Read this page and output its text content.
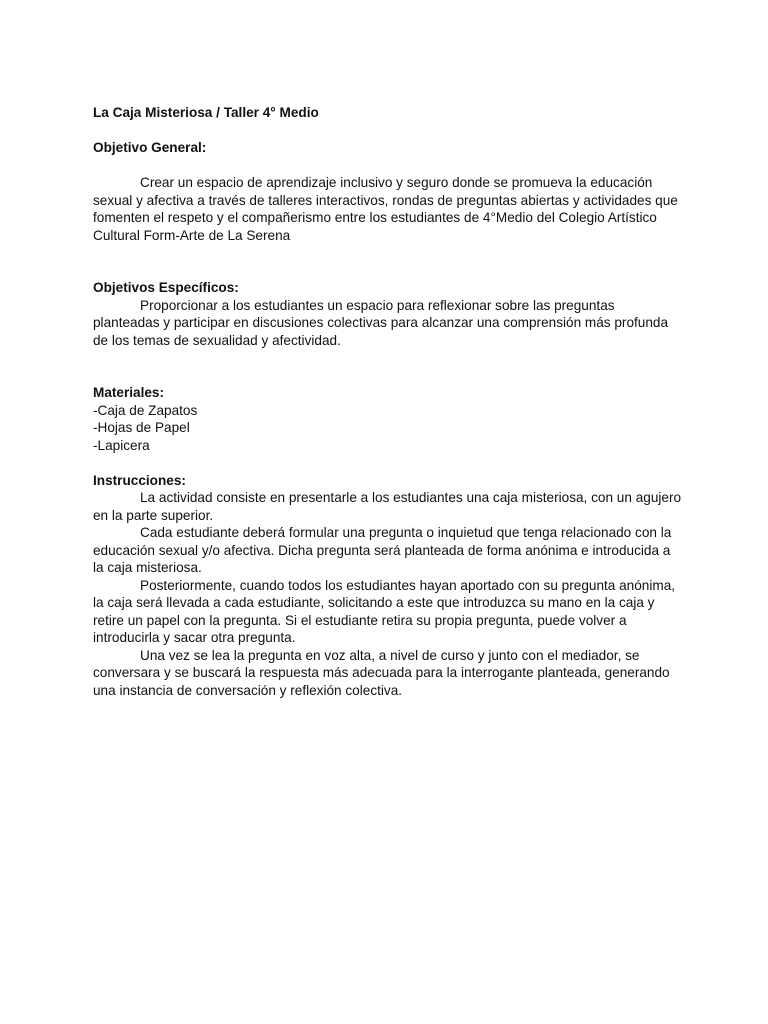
La Caja Misteriosa / Taller 4° Medio

Objetivo General:

Crear un espacio de aprendizaje inclusivo y seguro donde se promueva la educación sexual y afectiva a través de talleres interactivos, rondas de preguntas abiertas y actividades que fomenten el respeto y el compañerismo entre los estudiantes de 4°Medio del Colegio Artístico Cultural Form-Arte de La Serena

Objetivos Específicos:

Proporcionar a los estudiantes un espacio para reflexionar sobre las preguntas planteadas y participar en discusiones colectivas para alcanzar una comprensión más profunda de los temas de sexualidad y afectividad.

Materiales:

-Caja de Zapatos

-Hojas de Papel

-Lapicera

Instrucciones:

La actividad consiste en presentarle a los estudiantes una caja misteriosa, con un agujero en la parte superior.

Cada estudiante deberá formular una pregunta o inquietud que tenga relacionado con la educación sexual y/o afectiva. Dicha pregunta será planteada de forma anónima e introducida a la caja misteriosa.

Posteriormente, cuando todos los estudiantes hayan aportado con su pregunta anónima, la caja será llevada a cada estudiante, solicitando a este que introduzca su mano en la caja y retire un papel con la pregunta. Si el estudiante retira su propia pregunta, puede volver a introducirla y sacar otra pregunta.

Una vez se lea la pregunta en voz alta, a nivel de curso y junto con el mediador, se conversara y se buscará la respuesta más adecuada para la interrogante planteada, generando una instancia de conversación y reflexión colectiva.
